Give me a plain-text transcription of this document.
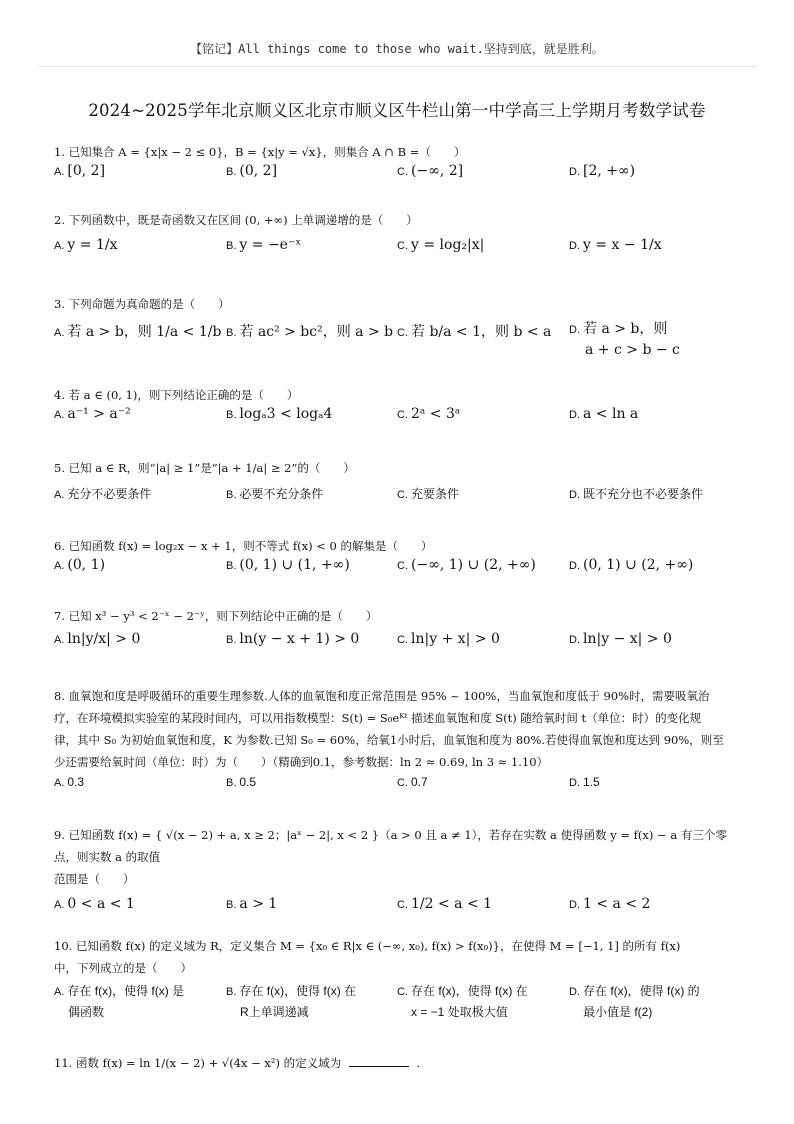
【铭记】All things come to those who wait.坚持到底，就是胜利。
2024~2025学年北京顺义区北京市顺义区牛栏山第一中学高三上学期月考数学试卷
1. 已知集合 A = {x|x − 2 ≤ 0}，B = {x|y = √x}，则集合 A ∩ B =（　　）
A. [0, 2]	B. (0, 2]	C. (−∞, 2]	D. [2, +∞)
2. 下列函数中，既是奇函数又在区间 (0, +∞) 上单调递增的是（　　）
A. y = 1/x	B. y = −e⁻ˣ	C. y = log₂|x|	D. y = x − 1/x
3. 下列命题为真命题的是（　　）
A. 若 a > b，则 1/a < 1/b B. 若 ac² > bc²，则 a > b C. 若 b/a < 1，则 b < a D. 若 a > b，则
a + c > b − c
4. 若 a ∈ (0, 1)，则下列结论正确的是（　　）
A. a⁻¹ > a⁻²	B. logₐ3 < logₐ4	C. 2ᵃ < 3ᵃ	D. a < ln a
5. 已知 a ∈ R，则“|a| ≥ 1”是“|a + 1/a| ≥ 2”的（　　）
A. 充分不必要条件	B. 必要不充分条件	C. 充要条件	D. 既不充分也不必要条件
6. 已知函数 f(x) = log₂x − x + 1，则不等式 f(x) < 0 的解集是（　　）
A. (0, 1)	B. (0, 1) ∪ (1, +∞)	C. (−∞, 1) ∪ (2, +∞)	D. (0, 1) ∪ (2, +∞)
7. 已知 x³ − y³ < 2⁻ˣ − 2⁻ʸ，则下列结论中正确的是（　　）
A. ln|y/x| > 0	B. ln(y − x + 1) > 0	C. ln|y + x| > 0	D. ln|y − x| > 0
8. 血氧饱和度是呼吸循环的重要生理参数.人体的血氧饱和度正常范围是 95% ~ 100%，当血氧饱和度低于 90%时，需要吸氧治
疗，在环境模拟实验室的某段时间内，可以用指数模型：S(t) = S₀eᴷᵗ 描述血氧饱和度 S(t) 随给氧时间 t（单位：时）的变化规
律，其中 S₀ 为初始血氧饱和度，K 为参数.已知 S₀ = 60%，给氧1小时后，血氧饱和度为 80%.若使得血氧饱和度达到 90%，则至
少还需要给氧时间（单位：时）为（　　）（精确到0.1，参考数据：ln 2 ≈ 0.69, ln 3 ≈ 1.10）
A. 0.3	B. 0.5	C. 0.7	D. 1.5
9. 已知函数 f(x) = { √(x − 2) + a, x ≥ 2；|aˣ − 2|, x < 2 }（a > 0 且 a ≠ 1），若存在实数 a 使得函数 y = f(x) − a 有三个零点，则实数 a 的取值
范围是（　　）
A. 0 < a < 1	B. a > 1	C. 1/2 < a < 1	D. 1 < a < 2
10. 已知函数 f(x) 的定义域为 R，定义集合 M = {x₀ ∈ R|x ∈ (−∞, x₀), f(x) > f(x₀)}，在使得 M = [−1, 1] 的所有 f(x)
中，下列成立的是（　　）
A. 存在 f(x)，使得 f(x) 是
偶函数
B. 存在 f(x)，使得 f(x) 在
R上单调递减
C. 存在 f(x)，使得 f(x) 在
x = −1 处取极大值
D. 存在 f(x)，使得 f(x) 的
最小值是 f(2)
11. 函数 f(x) = ln 1/(x − 2) + √(4x − x²) 的定义域为	.
